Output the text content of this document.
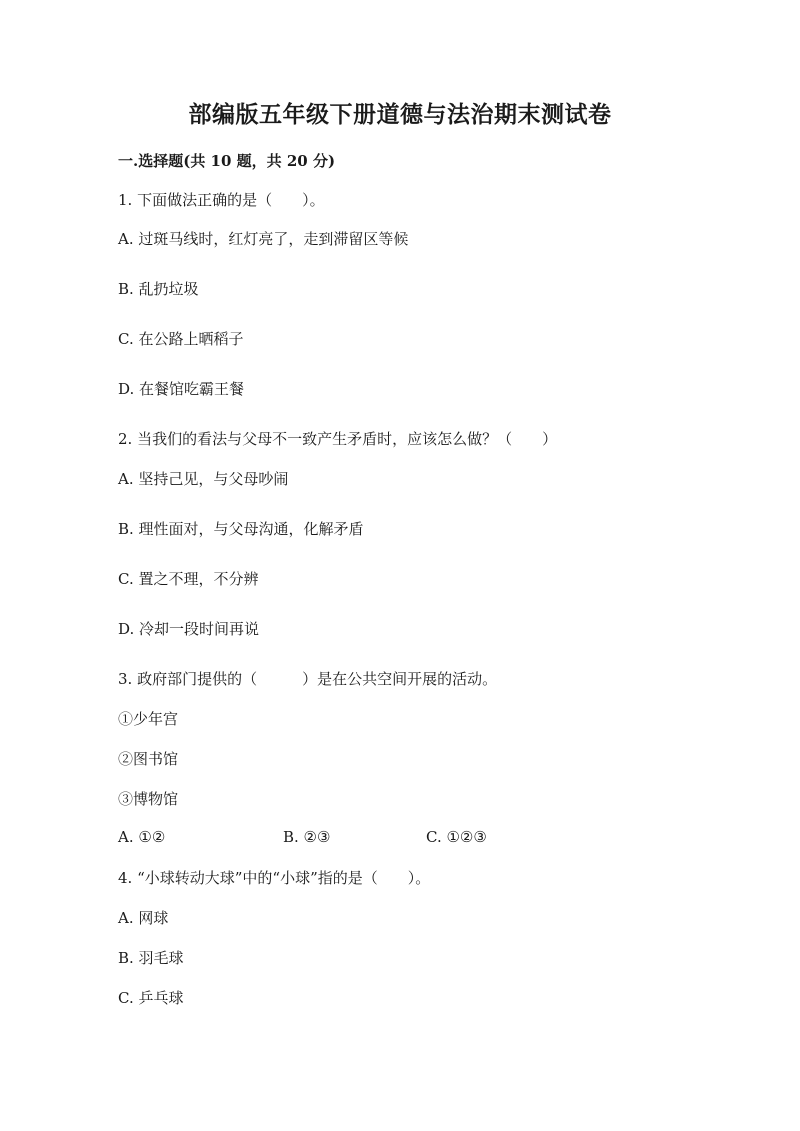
部编版五年级下册道德与法治期末测试卷
一.选择题(共 10 题，共 20 分)
1. 下面做法正确的是（　　）。
A. 过斑马线时，红灯亮了，走到滞留区等候
B. 乱扔垃圾
C. 在公路上晒稻子
D. 在餐馆吃霸王餐
2. 当我们的看法与父母不一致产生矛盾时，应该怎么做？（　　）
A. 坚持己见，与父母吵闹
B. 理性面对，与父母沟通，化解矛盾
C. 置之不理，不分辨
D. 冷却一段时间再说
3. 政府部门提供的（　　　）是在公共空间开展的活动。
①少年宫
②图书馆
③博物馆
A. ①②	B. ②③	C. ①②③
4. “小球转动大球”中的“小球”指的是（　　）。
A. 网球
B. 羽毛球
C. 乒乓球
